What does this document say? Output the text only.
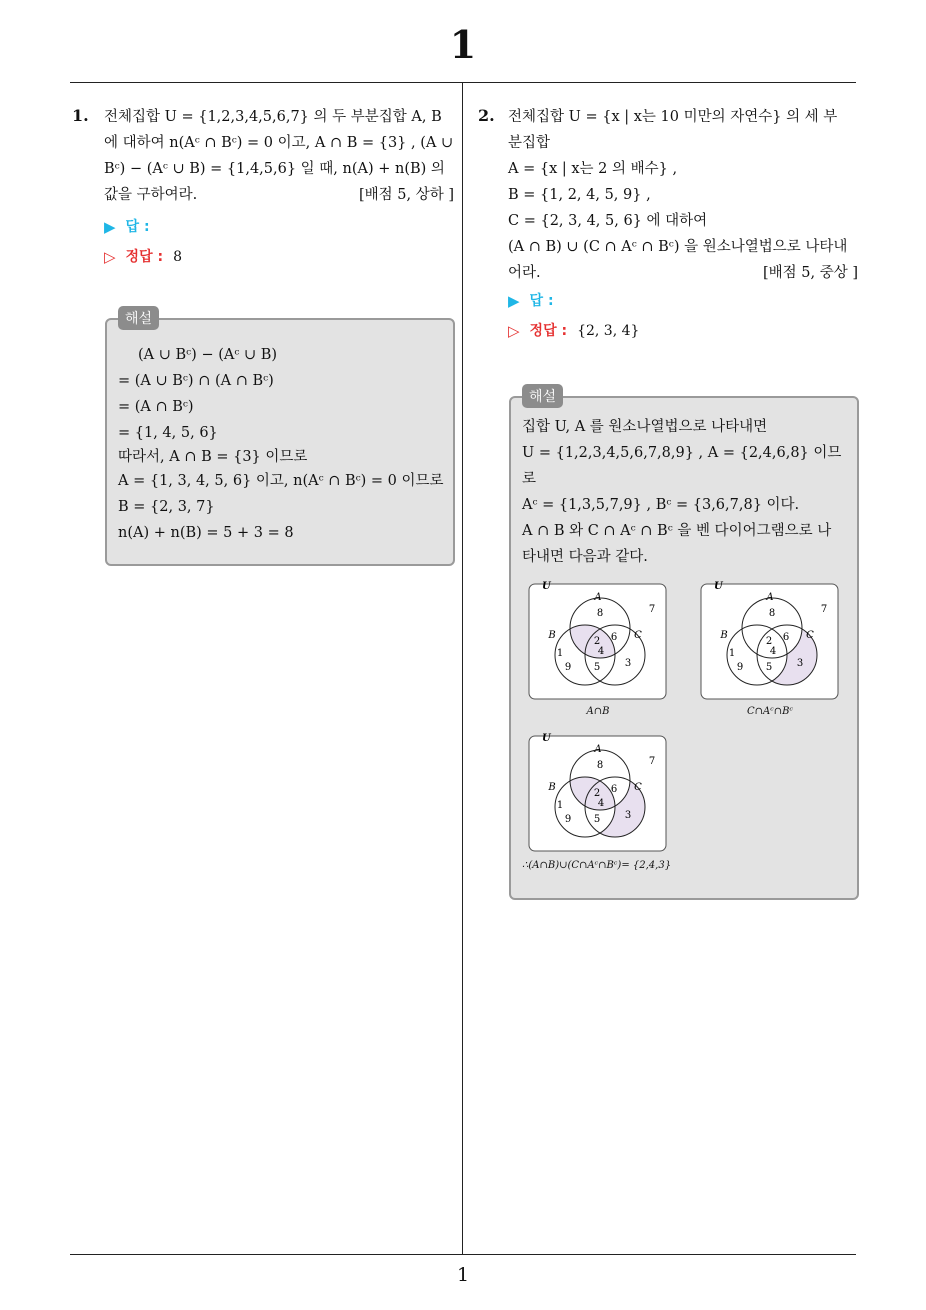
1
1
1. 전체집합 U = {1,2,3,4,5,6,7} 의 두 부분집합 A, B

에 대하여 n(Aᶜ ∩ Bᶜ) = 0 이고, A ∩ B = {3} , (A ∪

Bᶜ) − (Aᶜ ∪ B) = {1,4,5,6} 일 때, n(A) + n(B) 의

값을 구하여라.	[배점 5, 상하 ]

▶ 답 :
▷ 정답 : 8
해설

(A ∪ Bᶜ) − (Aᶜ ∪ B)

= (A ∪ Bᶜ) ∩ (A ∩ Bᶜ)

= (A ∩ Bᶜ)

= {1, 4, 5, 6}

따라서, A ∩ B = {3} 이므로

A = {1, 3, 4, 5, 6} 이고, n(Aᶜ ∩ Bᶜ) = 0 이므로

B = {2, 3, 7}

n(A) + n(B) = 5 + 3 = 8

2. 전체집합 U = {x | x는 10 미만의 자연수} 의 세 부

분집합

A = {x | x는 2 의 배수} ,

B = {1, 2, 4, 5, 9} ,

C = {2, 3, 4, 5, 6} 에 대하여

(A ∩ B) ∪ (C ∩ Aᶜ ∩ Bᶜ) 을 원소나열법으로 나타내

어라.	[배점 5, 중상 ]

▶ 답 :
▷ 정답 : {2, 3, 4}
해설

집합 U, A 를 원소나열법으로 나타내면

U = {1,2,3,4,5,6,7,8,9} , A = {2,4,6,8} 이므

로

Aᶜ = {1,3,5,7,9} , Bᶜ = {3,6,7,8} 이다.

A ∩ B 와 C ∩ Aᶜ ∩ Bᶜ 을 벤 다이어그램으로 나

타내면 다음과 같다.

U
A
B	C
8	7
1
9
2 6
4
5 3
A∩B
U
A
B	C
8	7
1
9
2 6
4
5 3
C∩Aᶜ∩Bᶜ
U
A
B	C
8	7
1
9
2 6
4
5 3
∴(A∩B)∪(C∩Aᶜ∩Bᶜ)= {2,4,3}
